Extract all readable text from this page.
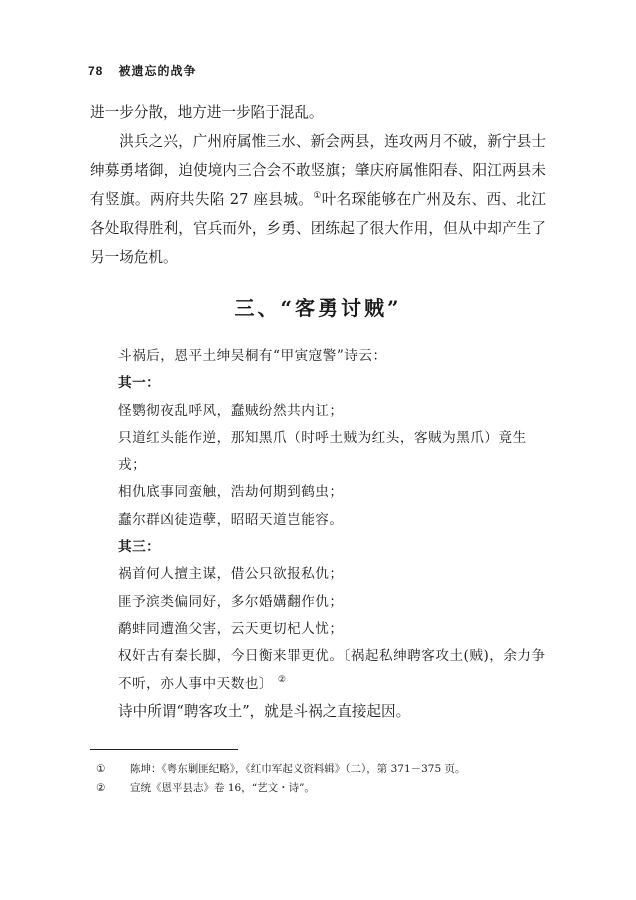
78 被遗忘的战争

进一步分散，地方进一步陷于混乱。

洪兵之兴，广州府属惟三水、新会两县，连攻两月不破，新宁县士绅募勇堵御，迫使境内三合会不敢竖旗；肇庆府属惟阳春、阳江两县未有竖旗。两府共失陷 27 座县城。①叶名琛能够在广州及东、西、北江各处取得胜利，官兵而外，乡勇、团练起了很大作用，但从中却产生了另一场危机。

三、“客勇讨贼”

斗祸后，恩平土绅吴桐有“甲寅寇警”诗云：

其一：

怪鹦彻夜乱呼风，蠢贼纷然共内讧；

只道红头能作逆，那知黑爪（时呼土贼为红头，客贼为黑爪）竟生戎；

相仇底事同蛮触，浩劫何期到鹤虫；

蠢尔群凶徒造孽，昭昭天道岂能容。

其三：

祸首何人擅主谋，借公只欲报私仇；

匪予滨类偏同好，多尔婚媾翻作仇；

鹬蚌同遭渔父害，云天更切杞人忧；

权奸古有秦长脚，今日衡来罪更优。〔祸起私绅聘客攻土(贼)，余力争不听，亦人事中天数也〕 ②

诗中所谓“聘客攻土”，就是斗祸之直接起因。

①	陈坤：《粤东剿匪纪略》，《红巾军起义资料辑》（二），第 371－375 页。
②	宣统《恩平县志》卷 16，“艺文・诗”。
